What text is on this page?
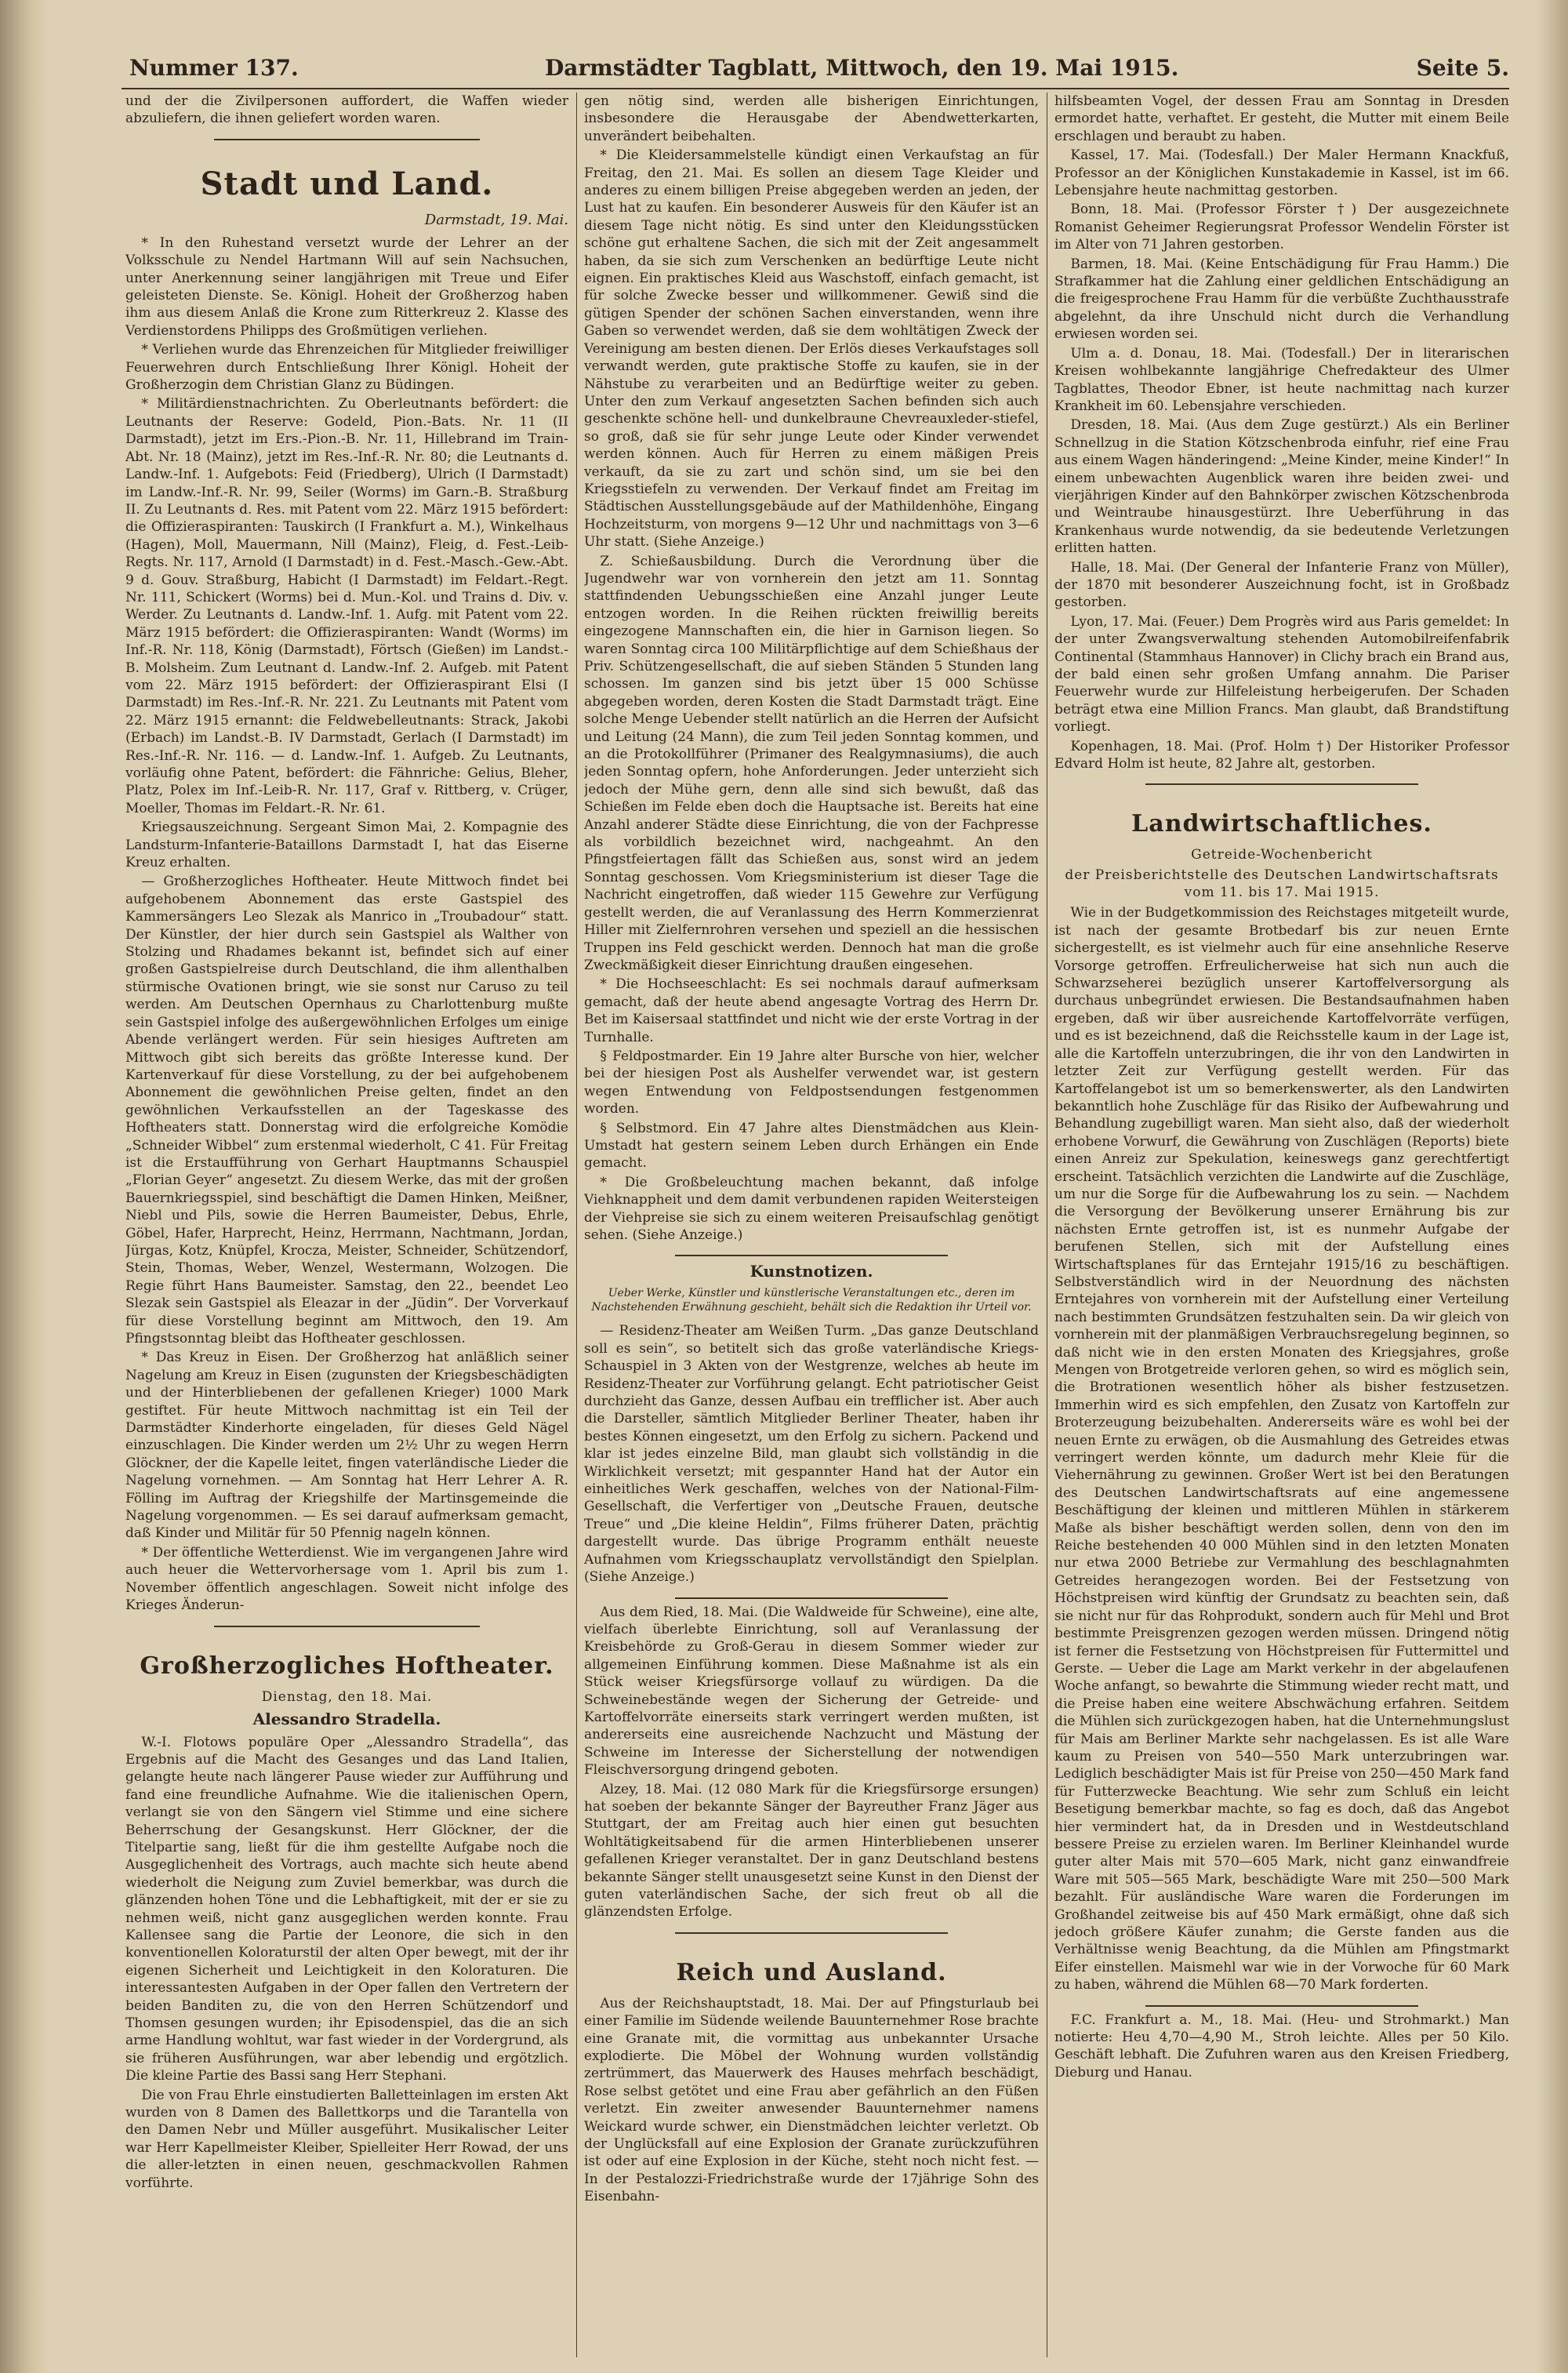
Nummer 137.	Darmstädter Tagblatt, Mittwoch, den 19. Mai 1915.	Seite 5.

und der die Zivilpersonen auffordert, die Waffen wieder abzuliefern, die ihnen geliefert worden waren.

Stadt und Land.
Darmstadt, 19. Mai.

* In den Ruhestand versetzt wurde der Lehrer an der Volksschule zu Nendel Hartmann Will auf sein Nachsuchen, unter Anerkennung seiner langjährigen mit Treue und Eifer geleisteten Dienste. Se. Königl. Hoheit der Großherzog haben ihm aus diesem Anlaß die Krone zum Ritterkreuz 2. Klasse des Verdienstordens Philipps des Großmütigen verliehen.

* Verliehen wurde das Ehrenzeichen für Mitglieder freiwilliger Feuerwehren durch Entschließung Ihrer Königl. Hoheit der Großherzogin dem Christian Glanz zu Büdingen.

* Militärdienstnachrichten. Zu Oberleutnants befördert: die Leutnants der Reserve: Godeld, Pion.-Bats. Nr. 11 (II Darmstadt), jetzt im Ers.-Pion.-B. Nr. 11, Hillebrand im Train-Abt. Nr. 18 (Mainz), jetzt im Res.-Inf.-R. Nr. 80; die Leutnants d. Landw.-Inf. 1. Aufgebots: Feid (Friedberg), Ulrich (I Darmstadt) im Landw.-Inf.-R. Nr. 99, Seiler (Worms) im Garn.-B. Straßburg II. Zu Leutnants d. Res. mit Patent vom 22. März 1915 befördert: die Offizieraspiranten: Tauskirch (I Frankfurt a. M.), Winkelhaus (Hagen), Moll, Mauermann, Nill (Mainz), Fleig, d. Fest.-Leib-Regts. Nr. 117, Arnold (I Darmstadt) in d. Fest.-Masch.-Gew.-Abt. 9 d. Gouv. Straßburg, Habicht (I Darmstadt) im Feldart.-Regt. Nr. 111, Schickert (Worms) bei d. Mun.-Kol. und Trains d. Div. v. Werder. Zu Leutnants d. Landw.-Inf. 1. Aufg. mit Patent vom 22. März 1915 befördert: die Offizieraspiranten: Wandt (Worms) im Inf.-R. Nr. 118, König (Darmstadt), Förtsch (Gießen) im Landst.-B. Molsheim. Zum Leutnant d. Landw.-Inf. 2. Aufgeb. mit Patent vom 22. März 1915 befördert: der Offizieraspirant Elsi (I Darmstadt) im Res.-Inf.-R. Nr. 221. Zu Leutnants mit Patent vom 22. März 1915 ernannt: die Feldwebelleutnants: Strack, Jakobi (Erbach) im Landst.-B. IV Darmstadt, Gerlach (I Darmstadt) im Res.-Inf.-R. Nr. 116. — d. Landw.-Inf. 1. Aufgeb. Zu Leutnants, vorläufig ohne Patent, befördert: die Fähnriche: Gelius, Bleher, Platz, Polex im Inf.-Leib-R. Nr. 117, Graf v. Rittberg, v. Crüger, Moeller, Thomas im Feldart.-R. Nr. 61.

Kriegsauszeichnung. Sergeant Simon Mai, 2. Kompagnie des Landsturm-Infanterie-Bataillons Darmstadt I, hat das Eiserne Kreuz erhalten.

— Großherzogliches Hoftheater. Heute Mittwoch findet bei aufgehobenem Abonnement das erste Gastspiel des Kammersängers Leo Slezak als Manrico in „Troubadour“ statt. Der Künstler, der hier durch sein Gastspiel als Walther von Stolzing und Rhadames bekannt ist, befindet sich auf einer großen Gastspielreise durch Deutschland, die ihm allenthalben stürmische Ovationen bringt, wie sie sonst nur Caruso zu teil werden. Am Deutschen Opernhaus zu Charlottenburg mußte sein Gastspiel infolge des außergewöhnlichen Erfolges um einige Abende verlängert werden. Für sein hiesiges Auftreten am Mittwoch gibt sich bereits das größte Interesse kund. Der Kartenverkauf für diese Vorstellung, zu der bei aufgehobenem Abonnement die gewöhnlichen Preise gelten, findet an den gewöhnlichen Verkaufsstellen an der Tageskasse des Hoftheaters statt. Donnerstag wird die erfolgreiche Komödie „Schneider Wibbel“ zum erstenmal wiederholt, C 41. Für Freitag ist die Erstaufführung von Gerhart Hauptmanns Schauspiel „Florian Geyer“ angesetzt. Zu diesem Werke, das mit der großen Bauernkriegsspiel, sind beschäftigt die Damen Hinken, Meißner, Niebl und Pils, sowie die Herren Baumeister, Debus, Ehrle, Göbel, Hafer, Harprecht, Heinz, Herrmann, Nachtmann, Jordan, Jürgas, Kotz, Knüpfel, Krocza, Meister, Schneider, Schützendorf, Stein, Thomas, Weber, Wenzel, Westermann, Wolzogen. Die Regie führt Hans Baumeister. Samstag, den 22., beendet Leo Slezak sein Gastspiel als Eleazar in der „Jüdin“. Der Vorverkauf für diese Vorstellung beginnt am Mittwoch, den 19. Am Pfingstsonntag bleibt das Hoftheater geschlossen.

* Das Kreuz in Eisen. Der Großherzog hat anläßlich seiner Nagelung am Kreuz in Eisen (zugunsten der Kriegsbeschädigten und der Hinterbliebenen der gefallenen Krieger) 1000 Mark gestiftet. Für heute Mittwoch nachmittag ist ein Teil der Darmstädter Kinderhorte eingeladen, für dieses Geld Nägel einzuschlagen. Die Kinder werden um 2½ Uhr zu wegen Herrn Glöckner, der die Kapelle leitet, fingen vaterländische Lieder die Nagelung vornehmen. — Am Sonntag hat Herr Lehrer A. R. Fölling im Auftrag der Kriegshilfe der Martinsgemeinde die Nagelung vorgenommen. — Es sei darauf aufmerksam gemacht, daß Kinder und Militär für 50 Pfennig nageln können.

* Der öffentliche Wetterdienst. Wie im vergangenen Jahre wird auch heuer die Wettervorhersage vom 1. April bis zum 1. November öffentlich angeschlagen. Soweit nicht infolge des Krieges Änderun-

Großherzogliches Hoftheater.
Dienstag, den 18. Mai.
Alessandro Stradella.

W.-I. Flotows populäre Oper „Alessandro Stradella“, das Ergebnis auf die Macht des Gesanges und das Land Italien, gelangte heute nach längerer Pause wieder zur Aufführung und fand eine freundliche Aufnahme. Wie die italienischen Opern, verlangt sie von den Sängern viel Stimme und eine sichere Beherrschung der Gesangskunst. Herr Glöckner, der die Titelpartie sang, ließt für die ihm gestellte Aufgabe noch die Ausgeglichenheit des Vortrags, auch machte sich heute abend wiederholt die Neigung zum Zuviel bemerkbar, was durch die glänzenden hohen Töne und die Lebhaftigkeit, mit der er sie zu nehmen weiß, nicht ganz ausgeglichen werden konnte. Frau Kallensee sang die Partie der Leonore, die sich in den konventionellen Koloraturstil der alten Oper bewegt, mit der ihr eigenen Sicherheit und Leichtigkeit in den Koloraturen. Die interessantesten Aufgaben in der Oper fallen den Vertretern der beiden Banditen zu, die von den Herren Schützendorf und Thomsen gesungen wurden; ihr Episodenspiel, das die an sich arme Handlung wohltut, war fast wieder in der Vordergrund, als sie früheren Ausführungen, war aber lebendig und ergötzlich. Die kleine Partie des Bassi sang Herr Stephani.

Die von Frau Ehrle einstudierten Balletteinlagen im ersten Akt wurden von 8 Damen des Ballettkorps und die Tarantella von den Damen Nebr und Müller ausgeführt. Musikalischer Leiter war Herr Kapellmeister Kleiber, Spielleiter Herr Rowad, der uns die aller-letzten in einen neuen, geschmackvollen Rahmen vorführte.

gen nötig sind, werden alle bisherigen Einrichtungen, insbesondere die Herausgabe der Abendwetterkarten, unverändert beibehalten.

* Die Kleidersammelstelle kündigt einen Verkaufstag an für Freitag, den 21. Mai. Es sollen an diesem Tage Kleider und anderes zu einem billigen Preise abgegeben werden an jeden, der Lust hat zu kaufen. Ein besonderer Ausweis für den Käufer ist an diesem Tage nicht nötig. Es sind unter den Kleidungsstücken schöne gut erhaltene Sachen, die sich mit der Zeit angesammelt haben, da sie sich zum Verschenken an bedürftige Leute nicht eignen. Ein praktisches Kleid aus Waschstoff, einfach gemacht, ist für solche Zwecke besser und willkommener. Gewiß sind die gütigen Spender der schönen Sachen einverstanden, wenn ihre Gaben so verwendet werden, daß sie dem wohltätigen Zweck der Vereinigung am besten dienen. Der Erlös dieses Verkaufstages soll verwandt werden, gute praktische Stoffe zu kaufen, sie in der Nähstube zu verarbeiten und an Bedürftige weiter zu geben. Unter den zum Verkauf angesetzten Sachen befinden sich auch geschenkte schöne hell- und dunkelbraune Chevreauxleder-stiefel, so groß, daß sie für sehr junge Leute oder Kinder verwendet werden können. Auch für Herren zu einem mäßigen Preis verkauft, da sie zu zart und schön sind, um sie bei den Kriegsstiefeln zu verwenden. Der Verkauf findet am Freitag im Städtischen Ausstellungsgebäude auf der Mathildenhöhe, Eingang Hochzeitsturm, von morgens 9—12 Uhr und nachmittags von 3—6 Uhr statt. (Siehe Anzeige.)

Z. Schießausbildung. Durch die Verordnung über die Jugendwehr war von vornherein den jetzt am 11. Sonntag stattfindenden Uebungsschießen eine Anzahl junger Leute entzogen worden. In die Reihen rückten freiwillig bereits eingezogene Mannschaften ein, die hier in Garnison liegen. So waren Sonntag circa 100 Militärpflichtige auf dem Schießhaus der Priv. Schützengesellschaft, die auf sieben Ständen 5 Stunden lang schossen. Im ganzen sind bis jetzt über 15 000 Schüsse abgegeben worden, deren Kosten die Stadt Darmstadt trägt. Eine solche Menge Uebender stellt natürlich an die Herren der Aufsicht und Leitung (24 Mann), die zum Teil jeden Sonntag kommen, und an die Protokollführer (Primaner des Realgymnasiums), die auch jeden Sonntag opfern, hohe Anforderungen. Jeder unterzieht sich jedoch der Mühe gern, denn alle sind sich bewußt, daß das Schießen im Felde eben doch die Hauptsache ist. Bereits hat eine Anzahl anderer Städte diese Einrichtung, die von der Fachpresse als vorbildlich bezeichnet wird, nachgeahmt. An den Pfingstfeiertagen fällt das Schießen aus, sonst wird an jedem Sonntag geschossen. Vom Kriegsministerium ist dieser Tage die Nachricht eingetroffen, daß wieder 115 Gewehre zur Verfügung gestellt werden, die auf Veranlassung des Herrn Kommerzienrat Hiller mit Zielfernrohren versehen und speziell an die hessischen Truppen ins Feld geschickt werden. Dennoch hat man die große Zweckmäßigkeit dieser Einrichtung draußen eingesehen.

* Die Hochseeschlacht: Es sei nochmals darauf aufmerksam gemacht, daß der heute abend angesagte Vortrag des Herrn Dr. Bet im Kaisersaal stattfindet und nicht wie der erste Vortrag in der Turnhalle.

§ Feldpostmarder. Ein 19 Jahre alter Bursche von hier, welcher bei der hiesigen Post als Aushelfer verwendet war, ist gestern wegen Entwendung von Feldpostsendungen festgenommen worden.

§ Selbstmord. Ein 47 Jahre altes Dienstmädchen aus Klein-Umstadt hat gestern seinem Leben durch Erhängen ein Ende gemacht.

* Die Großbeleuchtung machen bekannt, daß infolge Viehknappheit und dem damit verbundenen rapiden Weitersteigen der Viehpreise sie sich zu einem weiteren Preisaufschlag genötigt sehen. (Siehe Anzeige.)

Kunstnotizen.
Ueber Werke, Künstler und künstlerische Veranstaltungen etc., deren im Nachstehenden Erwähnung geschieht, behält sich die Redaktion ihr Urteil vor.

— Residenz-Theater am Weißen Turm. „Das ganze Deutschland soll es sein“, so betitelt sich das große vaterländische Kriegs-Schauspiel in 3 Akten von der Westgrenze, welches ab heute im Residenz-Theater zur Vorführung gelangt. Echt patriotischer Geist durchzieht das Ganze, dessen Aufbau ein trefflicher ist. Aber auch die Darsteller, sämtlich Mitglieder Berliner Theater, haben ihr bestes Können eingesetzt, um den Erfolg zu sichern. Packend und klar ist jedes einzelne Bild, man glaubt sich vollständig in die Wirklichkeit versetzt; mit gespannter Hand hat der Autor ein einheitliches Werk geschaffen, welches von der National-Film-Gesellschaft, die Verfertiger von „Deutsche Frauen, deutsche Treue“ und „Die kleine Heldin“, Films früherer Daten, prächtig dargestellt wurde. Das übrige Programm enthält neueste Aufnahmen vom Kriegsschauplatz vervollständigt den Spielplan. (Siehe Anzeige.)

Aus dem Ried, 18. Mai. (Die Waldweide für Schweine), eine alte, vielfach überlebte Einrichtung, soll auf Veranlassung der Kreisbehörde zu Groß-Gerau in diesem Sommer wieder zur allgemeinen Einführung kommen. Diese Maßnahme ist als ein Stück weiser Kriegsfürsorge vollauf zu würdigen. Da die Schweinebestände wegen der Sicherung der Getreide- und Kartoffelvorräte einerseits stark verringert werden mußten, ist andererseits eine ausreichende Nachzucht und Mästung der Schweine im Interesse der Sicherstellung der notwendigen Fleischversorgung dringend geboten.

Alzey, 18. Mai. (12 080 Mark für die Kriegsfürsorge ersungen) hat soeben der bekannte Sänger der Bayreuther Franz Jäger aus Stuttgart, der am Freitag auch hier einen gut besuchten Wohltätigkeitsabend für die armen Hinterbliebenen unserer gefallenen Krieger veranstaltet. Der in ganz Deutschland bestens bekannte Sänger stellt unausgesetzt seine Kunst in den Dienst der guten vaterländischen Sache, der sich freut ob all die glänzendsten Erfolge.

Reich und Ausland.

Aus der Reichshauptstadt, 18. Mai. Der auf Pfingsturlaub bei einer Familie im Südende weilende Bauunternehmer Rose brachte eine Granate mit, die vormittag aus unbekannter Ursache explodierte. Die Möbel der Wohnung wurden vollständig zertrümmert, das Mauerwerk des Hauses mehrfach beschädigt, Rose selbst getötet und eine Frau aber gefährlich an den Füßen verletzt. Ein zweiter anwesender Bauunternehmer namens Weickard wurde schwer, ein Dienstmädchen leichter verletzt. Ob der Unglücksfall auf eine Explosion der Granate zurückzuführen ist oder auf eine Explosion in der Küche, steht noch nicht fest. — In der Pestalozzi-Friedrichstraße wurde der 17jährige Sohn des Eisenbahn-

hilfsbeamten Vogel, der dessen Frau am Sonntag in Dresden ermordet hatte, verhaftet. Er gesteht, die Mutter mit einem Beile erschlagen und beraubt zu haben.

Kassel, 17. Mai. (Todesfall.) Der Maler Hermann Knackfuß, Professor an der Königlichen Kunstakademie in Kassel, ist im 66. Lebensjahre heute nachmittag gestorben.

Bonn, 18. Mai. (Professor Förster †) Der ausgezeichnete Romanist Geheimer Regierungsrat Professor Wendelin Förster ist im Alter von 71 Jahren gestorben.

Barmen, 18. Mai. (Keine Entschädigung für Frau Hamm.) Die Strafkammer hat die Zahlung einer geldlichen Entschädigung an die freigesprochene Frau Hamm für die verbüßte Zuchthausstrafe abgelehnt, da ihre Unschuld nicht durch die Verhandlung erwiesen worden sei.

Ulm a. d. Donau, 18. Mai. (Todesfall.) Der in literarischen Kreisen wohlbekannte langjährige Chefredakteur des Ulmer Tagblattes, Theodor Ebner, ist heute nachmittag nach kurzer Krankheit im 60. Lebensjahre verschieden.

Dresden, 18. Mai. (Aus dem Zuge gestürzt.) Als ein Berliner Schnellzug in die Station Kötzschenbroda einfuhr, rief eine Frau aus einem Wagen händeringend: „Meine Kinder, meine Kinder!“ In einem unbewachten Augenblick waren ihre beiden zwei- und vierjährigen Kinder auf den Bahnkörper zwischen Kötzschenbroda und Weintraube hinausgestürzt. Ihre Ueberführung in das Krankenhaus wurde notwendig, da sie bedeutende Verletzungen erlitten hatten.

Halle, 18. Mai. (Der General der Infanterie Franz von Müller), der 1870 mit besonderer Auszeichnung focht, ist in Großbadz gestorben.

Lyon, 17. Mai. (Feuer.) Dem Progrès wird aus Paris gemeldet: In der unter Zwangsverwaltung stehenden Automobilreifenfabrik Continental (Stammhaus Hannover) in Clichy brach ein Brand aus, der bald einen sehr großen Umfang annahm. Die Pariser Feuerwehr wurde zur Hilfeleistung herbeigerufen. Der Schaden beträgt etwa eine Million Francs. Man glaubt, daß Brandstiftung vorliegt.

Kopenhagen, 18. Mai. (Prof. Holm †) Der Historiker Professor Edvard Holm ist heute, 82 Jahre alt, gestorben.

Landwirtschaftliches.
Getreide-Wochenbericht
der Preisberichtstelle des Deutschen Landwirtschaftsrats vom 11. bis 17. Mai 1915.

Wie in der Budgetkommission des Reichstages mitgeteilt wurde, ist nach der gesamte Brotbedarf bis zur neuen Ernte sichergestellt, es ist vielmehr auch für eine ansehnliche Reserve Vorsorge getroffen. Erfreulicherweise hat sich nun auch die Schwarzseherei bezüglich unserer Kartoffelversorgung als durchaus unbegründet erwiesen. Die Bestandsaufnahmen haben ergeben, daß wir über ausreichende Kartoffelvorräte verfügen, und es ist bezeichnend, daß die Reichsstelle kaum in der Lage ist, alle die Kartoffeln unterzubringen, die ihr von den Landwirten in letzter Zeit zur Verfügung gestellt werden. Für das Kartoffelangebot ist um so bemerkenswerter, als den Landwirten bekanntlich hohe Zuschläge für das Risiko der Aufbewahrung und Behandlung zugebilligt waren. Man sieht also, daß der wiederholt erhobene Vorwurf, die Gewährung von Zuschlägen (Reports) biete einen Anreiz zur Spekulation, keineswegs ganz gerechtfertigt erscheint. Tatsächlich verzichten die Landwirte auf die Zuschläge, um nur die Sorge für die Aufbewahrung los zu sein. — Nachdem die Versorgung der Bevölkerung unserer Ernährung bis zur nächsten Ernte getroffen ist, ist es nunmehr Aufgabe der berufenen Stellen, sich mit der Aufstellung eines Wirtschaftsplanes für das Erntejahr 1915/16 zu beschäftigen. Selbstverständlich wird in der Neuordnung des nächsten Erntejahres von vornherein mit der Aufstellung einer Verteilung nach bestimmten Grundsätzen festzuhalten sein. Da wir gleich von vornherein mit der planmäßigen Verbrauchsregelung beginnen, so daß nicht wie in den ersten Monaten des Kriegsjahres, große Mengen von Brotgetreide verloren gehen, so wird es möglich sein, die Brotrationen wesentlich höher als bisher festzusetzen. Immerhin wird es sich empfehlen, den Zusatz von Kartoffeln zur Broterzeugung beizubehalten. Andererseits wäre es wohl bei der neuen Ernte zu erwägen, ob die Ausmahlung des Getreides etwas verringert werden könnte, um dadurch mehr Kleie für die Viehernährung zu gewinnen. Großer Wert ist bei den Beratungen des Deutschen Landwirtschaftsrats auf eine angemessene Beschäftigung der kleinen und mittleren Mühlen in stärkerem Maße als bisher beschäftigt werden sollen, denn von den im Reiche bestehenden 40 000 Mühlen sind in den letzten Monaten nur etwa 2000 Betriebe zur Vermahlung des beschlagnahmten Getreides herangezogen worden. Bei der Festsetzung von Höchstpreisen wird künftig der Grundsatz zu beachten sein, daß sie nicht nur für das Rohprodukt, sondern auch für Mehl und Brot bestimmte Preisgrenzen gezogen werden müssen. Dringend nötig ist ferner die Festsetzung von Höchstpreisen für Futtermittel und Gerste. — Ueber die Lage am Markt verkehr in der abgelaufenen Woche anfangt, so bewahrte die Stimmung wieder recht matt, und die Preise haben eine weitere Abschwächung erfahren. Seitdem die Mühlen sich zurückgezogen haben, hat die Unternehmungslust für Mais am Berliner Markte sehr nachgelassen. Es ist alle Ware kaum zu Preisen von 540—550 Mark unterzubringen war. Lediglich beschädigter Mais ist für Preise von 250—450 Mark fand für Futterzwecke Beachtung. Wie sehr zum Schluß ein leicht Besetigung bemerkbar machte, so fag es doch, daß das Angebot hier vermindert hat, da in Dresden und in Westdeutschland bessere Preise zu erzielen waren. Im Berliner Kleinhandel wurde guter alter Mais mit 570—605 Mark, nicht ganz einwandfreie Ware mit 505—565 Mark, beschädigte Ware mit 250—500 Mark bezahlt. Für ausländische Ware waren die Forderungen im Großhandel zeitweise bis auf 450 Mark ermäßigt, ohne daß sich jedoch größere Käufer zunahm; die Gerste fanden aus die Verhältnisse wenig Beachtung, da die Mühlen am Pfingstmarkt Eifer einstellen. Maismehl war wie in der Vorwoche für 60 Mark zu haben, während die Mühlen 68—70 Mark forderten.

F.C. Frankfurt a. M., 18. Mai. (Heu- und Strohmarkt.) Man notierte: Heu 4,70—4,90 M., Stroh leichte. Alles per 50 Kilo. Geschäft lebhaft. Die Zufuhren waren aus den Kreisen Friedberg, Dieburg und Hanau.
